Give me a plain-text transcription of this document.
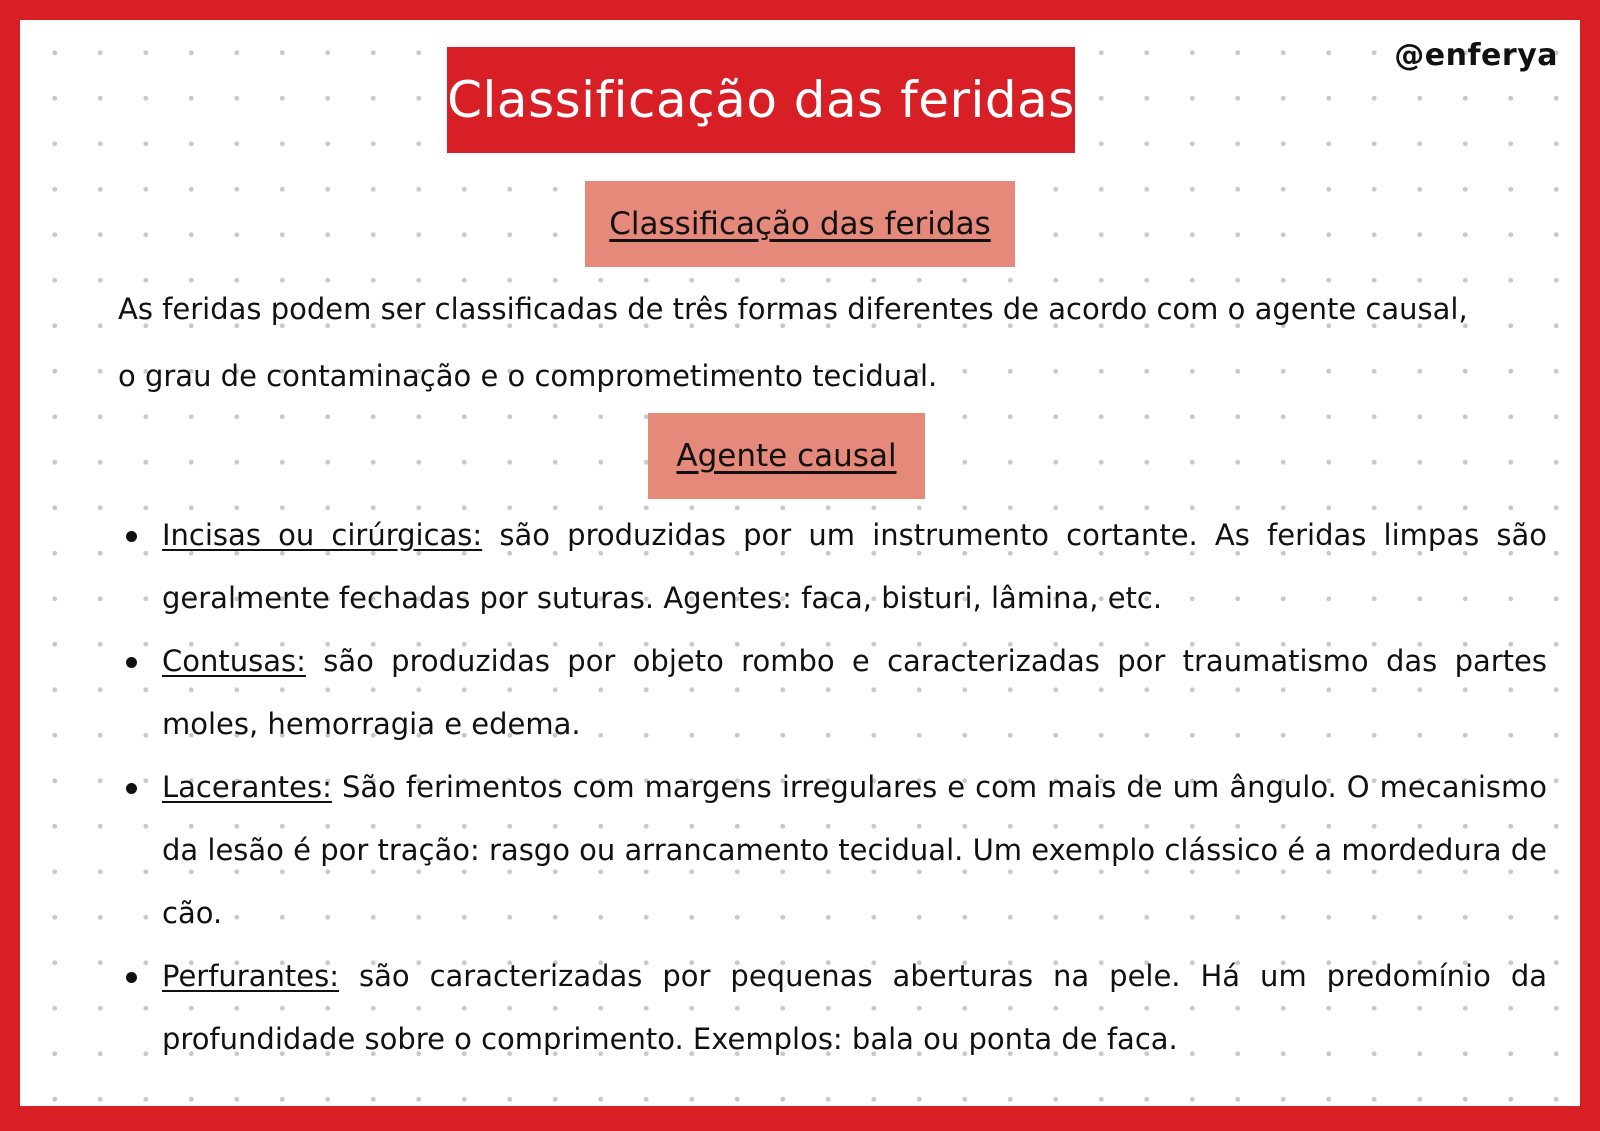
@enferya
Classificação das feridas
Classificação das feridas

As feridas podem ser classificadas de três formas diferentes de acordo com o agente causal,
o grau de contaminação e o comprometimento tecidual.

Agente causal
Incisas ou cirúrgicas: são produzidas por um instrumento cortante. As feridas limpas são geralmente fechadas por suturas. Agentes: faca, bisturi, lâmina, etc.
Contusas: são produzidas por objeto rombo e caracterizadas por traumatismo das partes moles, hemorragia e edema.
Lacerantes: São ferimentos com margens irregulares e com mais de um ângulo. O mecanismo da lesão é por tração: rasgo ou arrancamento tecidual. Um exemplo clássico é a mordedura de cão.
Perfurantes: são caracterizadas por pequenas aberturas na pele. Há um predomínio da profundidade sobre o comprimento. Exemplos: bala ou ponta de faca.
